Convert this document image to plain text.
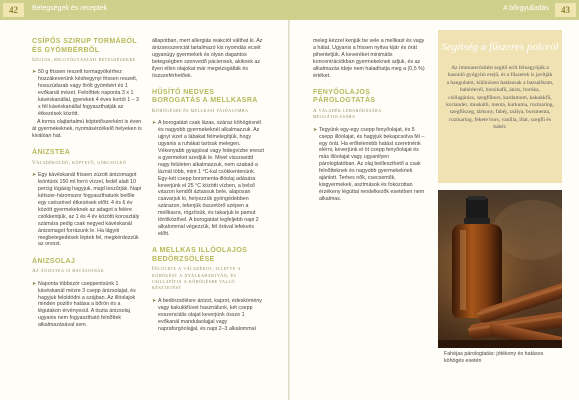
42	Betegségek és receptek	A bőrgyulladás	43
CSÍPŐS SZIRUP TORMÁBÓL ÉS GYÖMBÉRBŐL
Szulos, belgyógyászati betegségekre

➤ 50 g frissen reszelt tormagyökérhez hozzákeverünk késhegynyi frissen reszelt, hosszúdarab vagy őrölt gyömbért és 1 evőkanál mézet. Felnőttek naponta 3 x 1 kávéskanállal, gyerekek 4 éves kortól 1 – 3 x fél kávéskanállal fogyaszthatják az étkezések között.

A torma olajtartalmú köptetőszerként is éven át gyermekeknek, nyomásérzékelő helyeken is kiválóan hat.

ÁNIZSTEA
Váladékoldó, köptető, görcsoldó

➤ Egy kávéskanál frissen zúzott ánizsmagot leöntünk 150 ml forró vízzel, fedél alatt 10 percig lógásig hagyjuk, majd leszűrjük. Napi kétszer-háromszor fogyaszthatunk belőle egy csészével étkezések előtt. 4 és 6 év között gyermekeknek az adagot a felére csökkentjük, az 1 és 4 év közötti korosztály számára pedig csak negyed kávéskanál ánizsmagot forrázunk le. Ha lágyói megbetegedések léptek fel, megkérdezzük az orvost.

ÁNIZSOLAJ
Az ánizstea is hatásosnak

➤ Naponta többször cseppentsünk 1 kávéskanál mézre 3 csepp ánizsolajat, és hagyjuk feloldódni a szájban. Az illóolajok minden pozitív hatása a bőrön és a légutakon érvényesül. A tiszta ánizsolaj ugyanis nem fogyasztható felnőttek alkalmazásával sem.

állapotban, mert allergiás reakciót válthat ki. Az ánizsesszenciát tartalmazó kis nyomdás ecsét ugyanúgy gyermekek és olyan dagantos betegségben szenvedő páciensek, akiknek az ilyen ellen olajokat már megvizsgálták és öszszeférhetőek.

HŰSÍTŐ NEDVES BOROGATÁS A MELLKASRA
Köhögésre és mellkasi fájdalomra

➤ A borogatást csak lázas, száraz köhögésnél és nagyobb gyermekeknél alkalmazzuk. Az ujjnyi vizet a lábakat felmelegítjük, hogy ugyanis a ruhákat tartsuk melegen. Vékonyabb gyapjúval vagy hidegvízbe ereszt a gyermeket szedjük le. Mivel visszavidd nagy felületen alkalmazzuk, nem szabad a láznál több, mint 1 °C-kal csökkentenünk. Egy-két csepp borsmenta-illóolaj adására keverjünk el 25 °C közötti vízben, a belső vászon kendőt áztassuk bele, alaposan csavarjuk ki, helyezzük gyöngédebben szárazon, tekerjük összetörő szépen a mellkasra, rögzítsük, és takarjuk le pamut törölközővel. A borogatást legfeljebb napi 2 alkalommal végezzük, fél órával lefekvés előtt.

A MELLKAS ILLÓOLAJOS BEDÖRZSÖLÉSE
Feloldja a váladékot, illetve a köhögést a nyálkahártyán, és csillapítja a köhögésre valló késztetést

➤ A bedörzsölésre ánizst, kaprot, édeskömény vagy kakukkfüvet használunk, két csepp esszenciális olajat keverjünk össze 1 evőkanál mandulaolajjal vagy napraforgóolajjal, és napi 2–3 alkalommal

meleg kézzel kenjük be vele a mellkast és vagy a hátat. Ugyanis a frissen nyitva kijár és órát pihentetjük. A keveréket minimális koncentrációkban gyermekeknek adjuk, és az alkalmazás ideje nem haladhatja meg a (0,5 %) értéket.

FENYŐOLAJOS PÁROLOGTATÁS
A váladék lebaródására meggátolására

➤ Tegyünk egy-egy csepp fenyőolajat, és 5 csepp illóolajat, és hagyjuk bekapcsolva fél – egy órát. Ha erőtelenebb hatást szeretnénk elérni, keverjünk el öt csepp fenyőolajat és más illóolajat vagy ugyanilyen párologtatóban. Az olaj beilleszthető a csak felnőtteknek és nagyobb gyermekeknek ajánlott. Terhes nők, csecsemők, kisgyermekek, asztmások és fokozottan érzékeny légúttal rendelkezők esetében nem alkalmas.

Segítség a fűszeres polcról
Az immunerősítést segítő erőt felnagyítják a hasonló gyógyító erejű, és a fűszerek is javítják a hangulatot, különösen hatásosak a bazsalikom, babérlevél, borsikafű, ánizs, boróka, csillagánizs, szegfűbors, kardamom, kakukkfű, koriander, muskátli, menta, kurkuma, rozmaring, szegfűszeg, tárkony, fahéj, zsálya, borsmenta, rozmaring, fekete bors, vanília, illat, szegfű és babér.
Fahéjas párologtatás: jótékony és hatásos köhögés esetén
